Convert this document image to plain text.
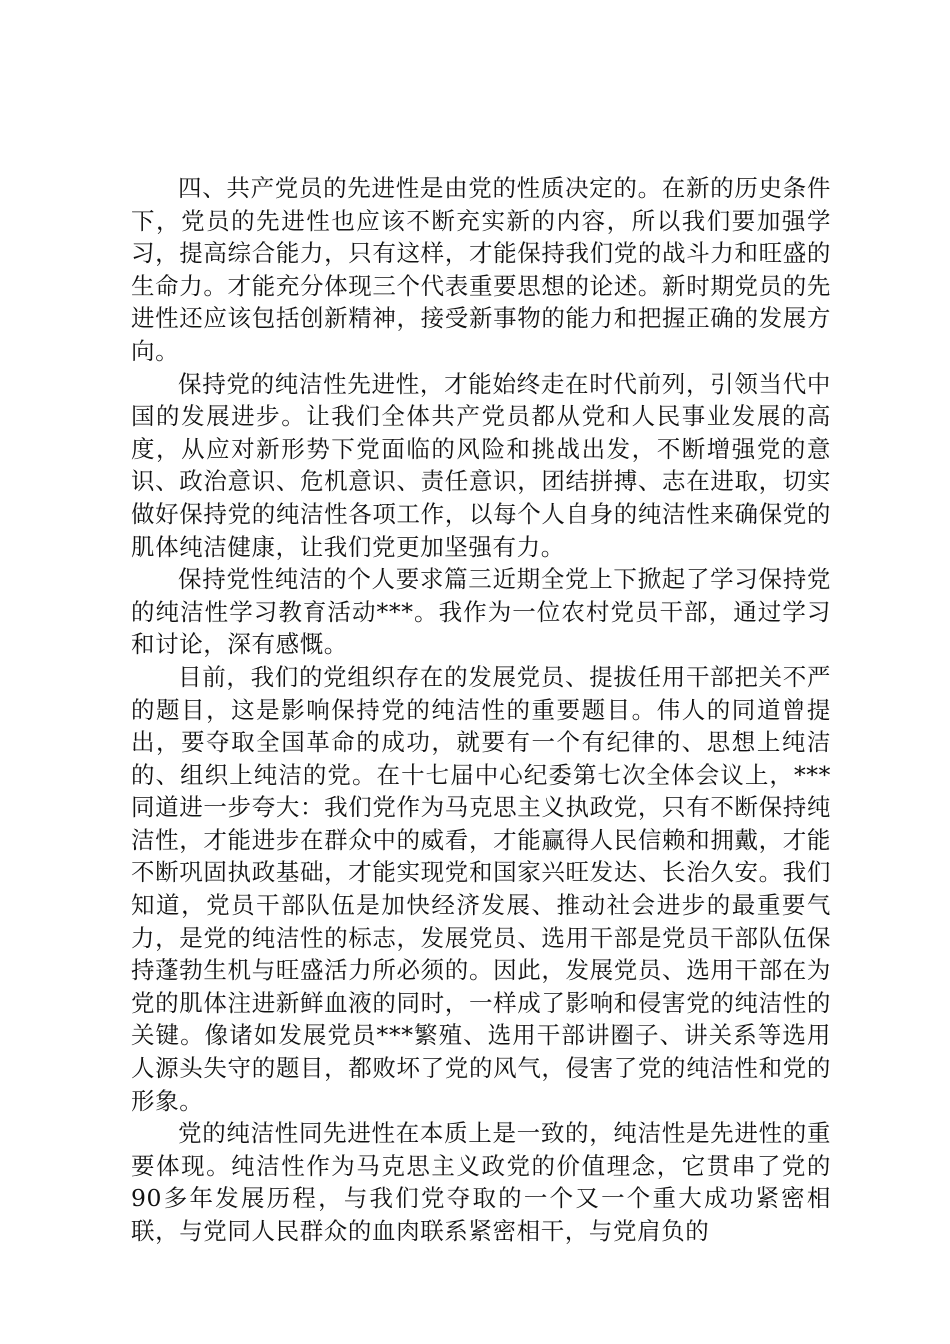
四、共产党员的先进性是由党的性质决定的。在新的历史条件下，党员的先进性也应该不断充实新的内容，所以我们要加强学习，提高综合能力，只有这样，才能保持我们党的战斗力和旺盛的生命力。才能充分体现三个代表重要思想的论述。新时期党员的先进性还应该包括创新精神，接受新事物的能力和把握正确的发展方向。

保持党的纯洁性先进性，才能始终走在时代前列，引领当代中国的发展进步。让我们全体共产党员都从党和人民事业发展的高度，从应对新形势下党面临的风险和挑战出发，不断增强党的意识、政治意识、危机意识、责任意识，团结拼搏、志在进取，切实做好保持党的纯洁性各项工作，以每个人自身的纯洁性来确保党的肌体纯洁健康，让我们党更加坚强有力。

保持党性纯洁的个人要求篇三近期全党上下掀起了学习保持党的纯洁性学习教育活动***。我作为一位农村党员干部，通过学习和讨论，深有感慨。

目前，我们的党组织存在的发展党员、提拔任用干部把关不严的题目，这是影响保持党的纯洁性的重要题目。伟人的同道曾提出，要夺取全国革命的成功，就要有一个有纪律的、思想上纯洁的、组织上纯洁的党。在十七届中心纪委第七次全体会议上，***同道进一步夸大：我们党作为马克思主义执政党，只有不断保持纯洁性，才能进步在群众中的威看，才能赢得人民信赖和拥戴，才能不断巩固执政基础，才能实现党和国家兴旺发达、长治久安。我们知道，党员干部队伍是加快经济发展、推动社会进步的最重要气力，是党的纯洁性的标志，发展党员、选用干部是党员干部队伍保持蓬勃生机与旺盛活力所必须的。因此，发展党员、选用干部在为党的肌体注进新鲜血液的同时，一样成了影响和侵害党的纯洁性的关键。像诸如发展党员***繁殖、选用干部讲圈子、讲关系等选用人源头失守的题目，都败坏了党的风气，侵害了党的纯洁性和党的形象。

党的纯洁性同先进性在本质上是一致的，纯洁性是先进性的重要体现。纯洁性作为马克思主义政党的价值理念，它贯串了党的90多年发展历程，与我们党夺取的一个又一个重大成功紧密相联，与党同人民群众的血肉联系紧密相干，与党肩负的
